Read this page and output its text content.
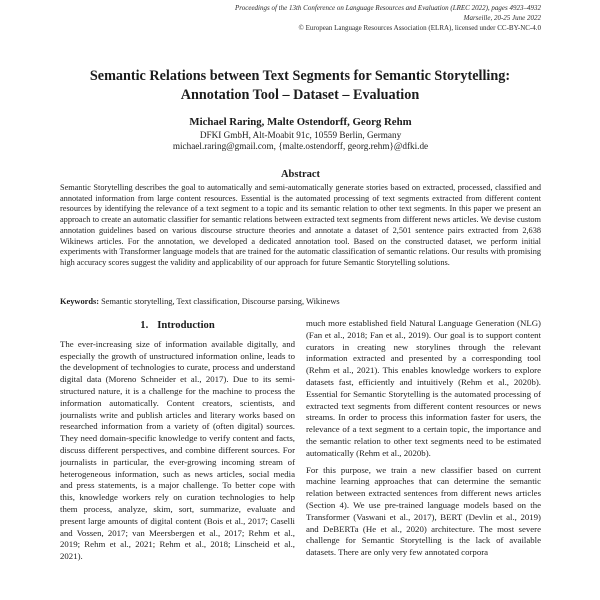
Proceedings of the 13th Conference on Language Resources and Evaluation (LREC 2022), pages 4923–4932
Marseille, 20-25 June 2022
© European Language Resources Association (ELRA), licensed under CC-BY-NC-4.0
Semantic Relations between Text Segments for Semantic Storytelling:
Annotation Tool – Dataset – Evaluation
Michael Raring, Malte Ostendorff, Georg Rehm
DFKI GmbH, Alt-Moabit 91c, 10559 Berlin, Germany
michael.raring@gmail.com, {malte.ostendorff, georg.rehm}@dfki.de
Abstract
Semantic Storytelling describes the goal to automatically and semi-automatically generate stories based on extracted, processed, classified and annotated information from large content resources. Essential is the automated processing of text segments extracted from different content resources by identifying the relevance of a text segment to a topic and its semantic relation to other text segments. In this paper we present an approach to create an automatic classifier for semantic relations between extracted text segments from different news articles. We devise custom annotation guidelines based on various discourse structure theories and annotate a dataset of 2,501 sentence pairs extracted from 2,638 Wikinews articles. For the annotation, we developed a dedicated annotation tool. Based on the constructed dataset, we perform initial experiments with Transformer language models that are trained for the automatic classification of semantic relations. Our results with promising high accuracy scores suggest the validity and applicability of our approach for future Semantic Storytelling solutions.
Keywords: Semantic storytelling, Text classification, Discourse parsing, Wikinews
1. Introduction

The ever-increasing size of information available digitally, and especially the growth of unstructured information online, leads to the development of technologies to curate, process and understand digital data (Moreno Schneider et al., 2017). Due to its semi-structured nature, it is a challenge for the machine to process the information automatically. Content creators, scientists, and journalists write and publish articles and literary works based on researched information from a variety of (often digital) sources. They need domain-specific knowledge to verify content and facts, discuss different perspectives, and combine different sources. For journalists in particular, the ever-growing incoming stream of heterogeneous information, such as news articles, social media and press statements, is a major challenge. To better cope with this, knowledge workers rely on curation technologies to help them process, analyze, skim, sort, summarize, evaluate and present large amounts of digital content (Bois et al., 2017; Caselli and Vossen, 2017; van Meersbergen et al., 2017; Rehm et al., 2019; Rehm et al., 2021; Rehm et al., 2018; Linscheid et al., 2021).

much more established field Natural Language Generation (NLG) (Fan et al., 2018; Fan et al., 2019). Our goal is to support content curators in creating new storylines through the relevant information extracted and presented by a corresponding tool (Rehm et al., 2021). This enables knowledge workers to explore datasets fast, efficiently and intuitively (Rehm et al., 2020b). Essential for Semantic Storytelling is the automated processing of extracted text segments from different content resources or news streams. In order to process this information faster for users, the relevance of a text segment to a certain topic, the importance and the semantic relation to other text segments need to be estimated automatically (Rehm et al., 2020b).

For this purpose, we train a new classifier based on current machine learning approaches that can determine the semantic relation between extracted sentences from different news articles (Section 4). We use pre-trained language models based on the Transformer (Vaswani et al., 2017), BERT (Devlin et al., 2019) and DeBERTa (He et al., 2020) architecture. The most severe challenge for Semantic Storytelling is the lack of available datasets. There are only very few annotated corpora
